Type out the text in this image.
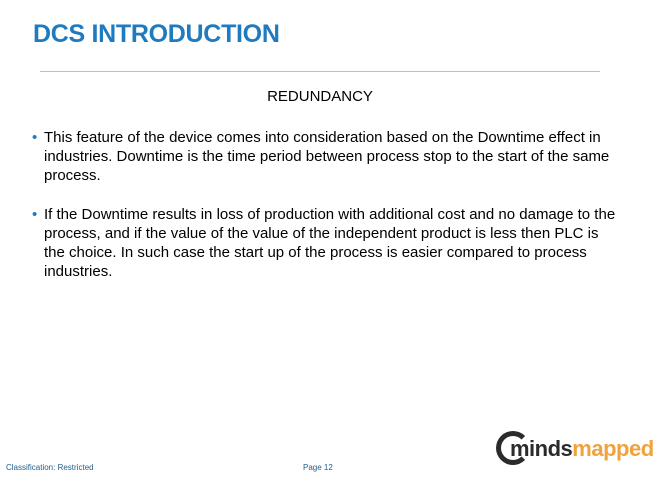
DCS INTRODUCTION
REDUNDANCY
• This feature of the device comes into consideration based on the Downtime effect in industries. Downtime is the time period between process stop to the start of the same process.
• If the Downtime results in loss of production with additional cost and no damage to the process, and if the value of the value of the independent product is less then PLC is the choice. In such case the start up of the process is easier compared to process industries.
Classification: Restricted	Page 12
mindsmapped
